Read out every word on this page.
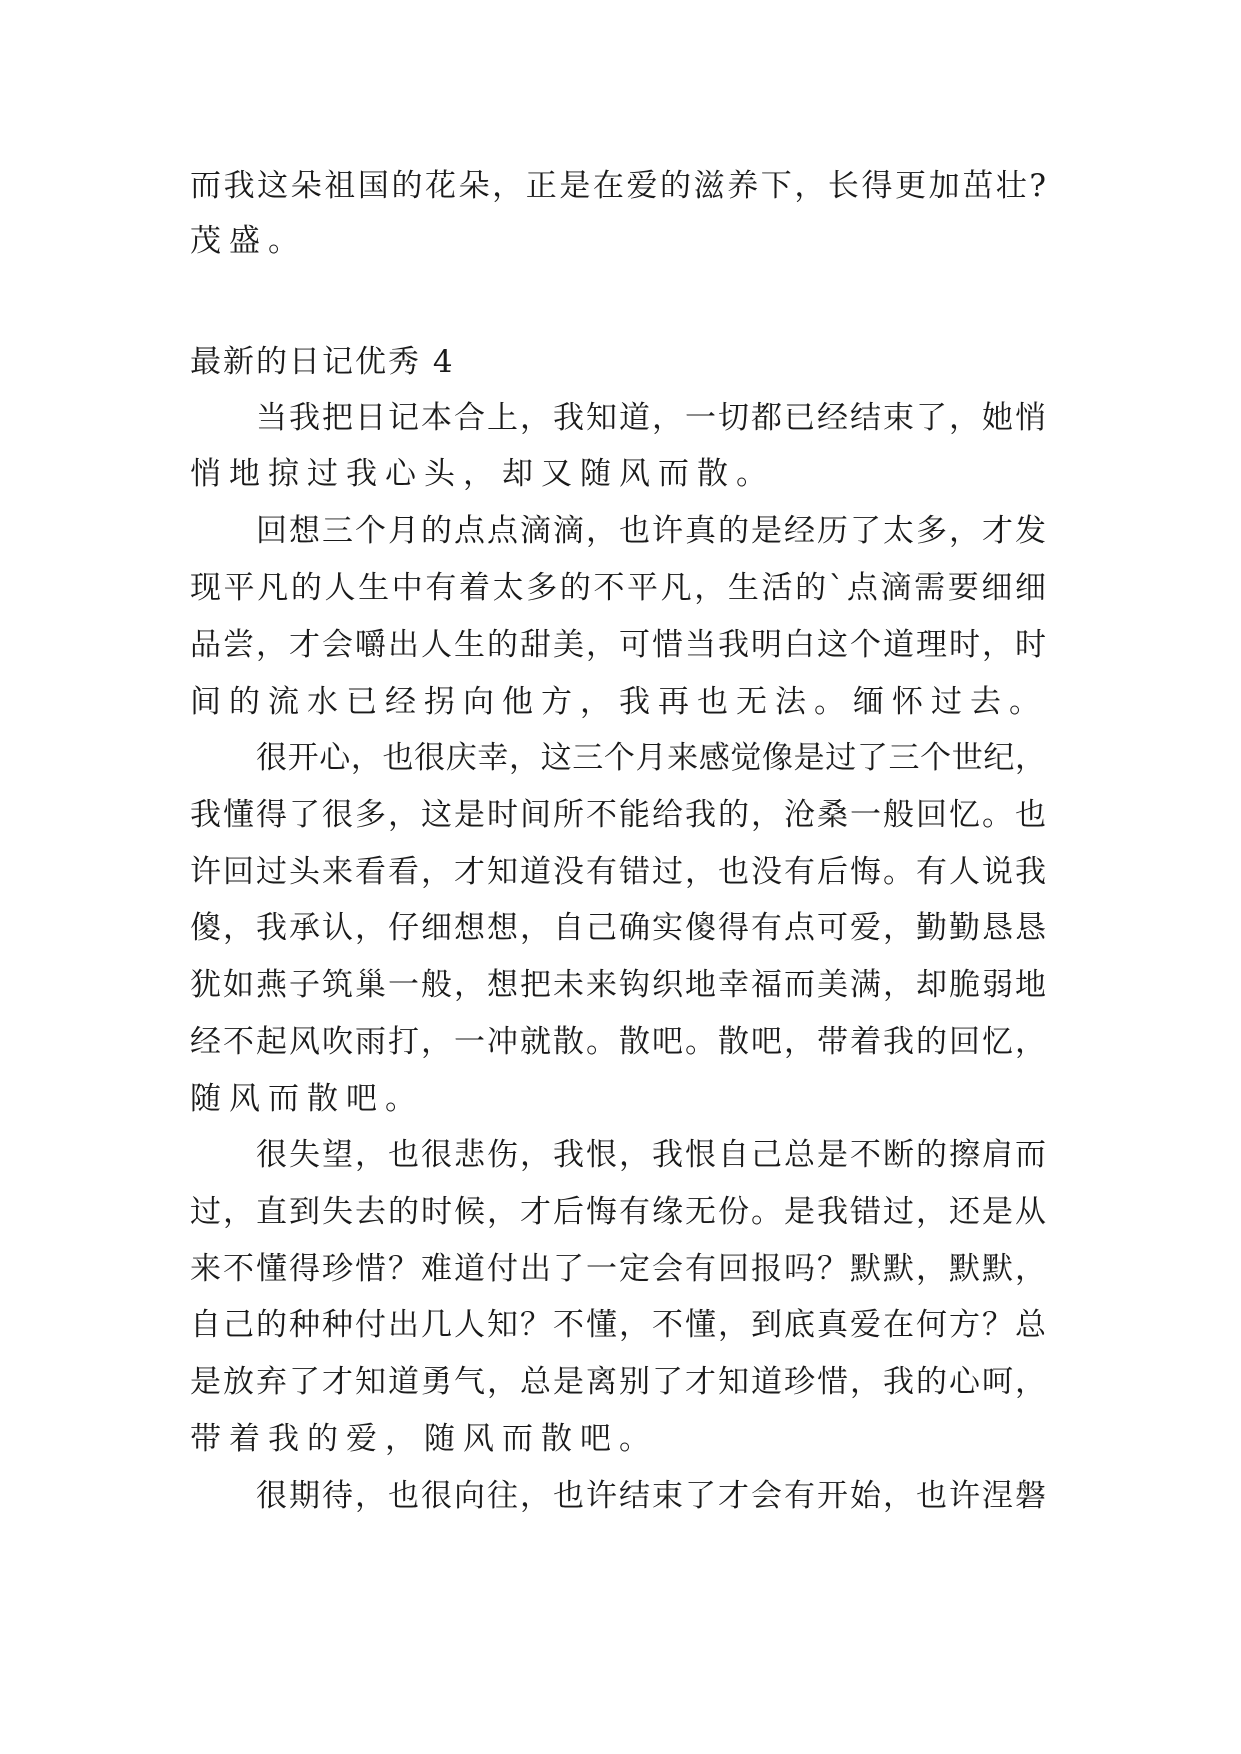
而我这朵祖国的花朵，正是在爱的滋养下，长得更加茁壮?
茂盛。
最新的日记优秀 4
当我把日记本合上，我知道，一切都已经结束了，她悄
悄地掠过我心头，却又随风而散。
回想三个月的点点滴滴，也许真的是经历了太多，才发
现平凡的人生中有着太多的不平凡，生活的`点滴需要细细
品尝，才会嚼出人生的甜美，可惜当我明白这个道理时，时
间的流水已经拐向他方，我再也无法。缅怀过去。
很开心，也很庆幸，这三个月来感觉像是过了三个世纪，
我懂得了很多，这是时间所不能给我的，沧桑一般回忆。也
许回过头来看看，才知道没有错过，也没有后悔。有人说我
傻，我承认，仔细想想，自己确实傻得有点可爱，勤勤恳恳
犹如燕子筑巢一般，想把未来钩织地幸福而美满，却脆弱地
经不起风吹雨打，一冲就散。散吧。散吧，带着我的回忆，
随风而散吧。
很失望，也很悲伤，我恨，我恨自己总是不断的擦肩而
过，直到失去的时候，才后悔有缘无份。是我错过，还是从
来不懂得珍惜？难道付出了一定会有回报吗？默默，默默，
自己的种种付出几人知？不懂，不懂，到底真爱在何方？总
是放弃了才知道勇气，总是离别了才知道珍惜，我的心呵，
带着我的爱，随风而散吧。
很期待，也很向往，也许结束了才会有开始，也许涅磐
